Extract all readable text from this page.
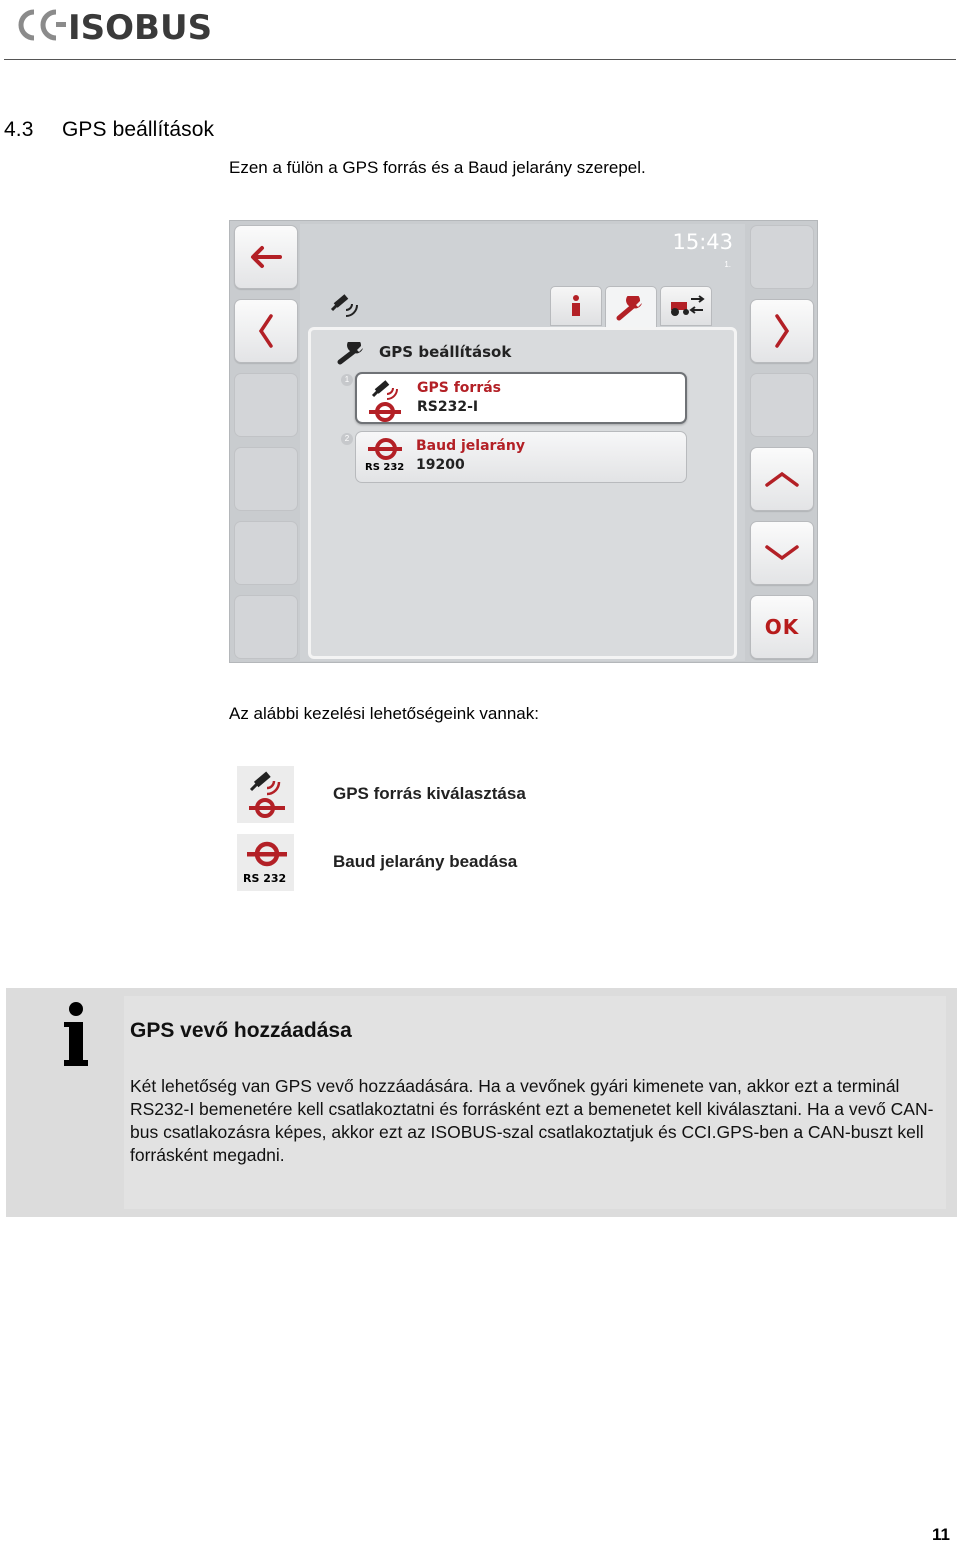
ISOBUS
4.3 GPS beállítások
Ezen a fülön a GPS forrás és a Baud jelarány szerepel.
15:43
1.
GPS beállítások
1
GPS forrás
RS232-I
2
RS 232
Baud jelarány
19200
OK
Az alábbi kezelési lehetőségeink vannak:
GPS forrás kiválasztása
RS 232
Baud jelarány beadása
GPS vevő hozzáadása
Két lehetőség van GPS vevő hozzáadására. Ha a vevőnek gyári kimenete van, akkor ezt a terminál RS232-I bemenetére kell csatlakoztatni és forrásként ezt a bemenetet kell kiválasztani. Ha a vevő CAN-bus csatlakozásra képes, akkor ezt az ISOBUS-szal csatlakoztatjuk és CCI.GPS-ben a CAN-buszt kell forrásként megadni.
11
